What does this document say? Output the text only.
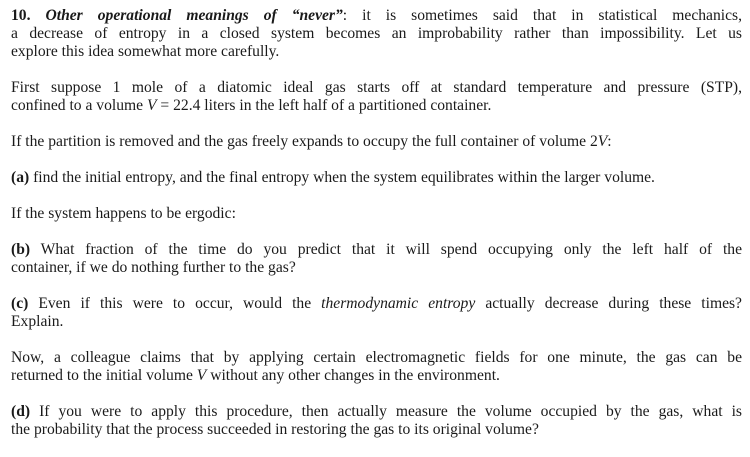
10. Other operational meanings of “never”: it is sometimes said that in statistical mechanics,
a decrease of entropy in a closed system becomes an improbability rather than impossibility. Let us
explore this idea somewhat more carefully.
First suppose 1 mole of a diatomic ideal gas starts off at standard temperature and pressure (STP),
confined to a volume V = 22.4 liters in the left half of a partitioned container.
If the partition is removed and the gas freely expands to occupy the full container of volume 2V:
(a) find the initial entropy, and the final entropy when the system equilibrates within the larger volume.
If the system happens to be ergodic:
(b) What fraction of the time do you predict that it will spend occupying only the left half of the
container, if we do nothing further to the gas?
(c) Even if this were to occur, would the thermodynamic entropy actually decrease during these times?
Explain.
Now, a colleague claims that by applying certain electromagnetic fields for one minute, the gas can be
returned to the initial volume V without any other changes in the environment.
(d) If you were to apply this procedure, then actually measure the volume occupied by the gas, what is
the probability that the process succeeded in restoring the gas to its original volume?
